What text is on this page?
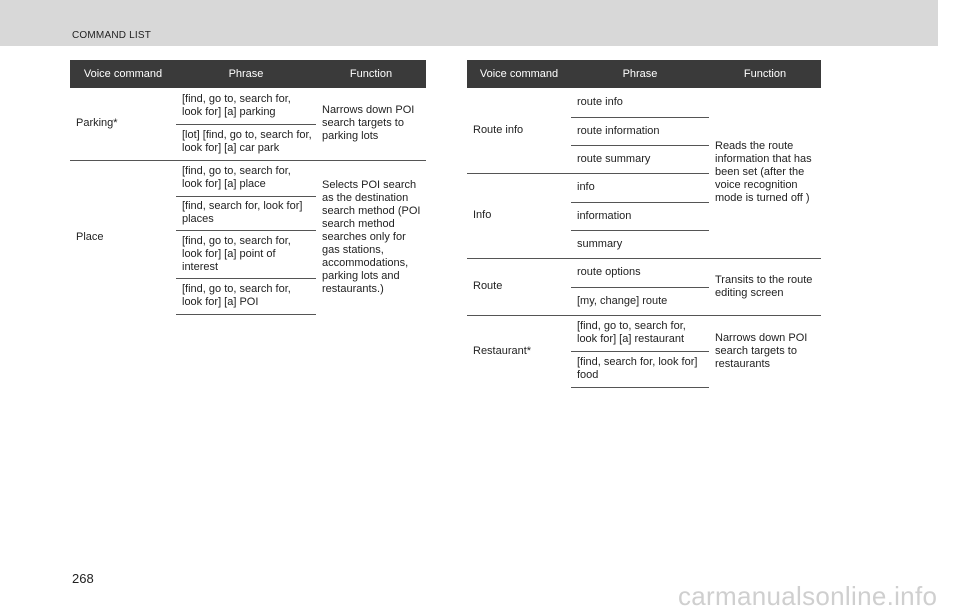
COMMAND LIST
Voice command	Phrase	Function
Parking*	[find, go to, search for, look for] [a] parking	Narrows down POI search targets to parking lots
	[lot] [find, go to, search for, look for] [a] car park	
Place	[find, go to, search for, look for] [a] place	Selects POI search as the destination search method (POI search method searches only for gas stations, accommodations, parking lots and restaurants.)
	[find, search for, look for] places	
	[find, go to, search for, look for] [a] point of interest	
	[find, go to, search for, look for] [a] POI	
Voice command	Phrase	Function
Route info	route info	Reads the route information that has been set (after the voice recognition mode is turned off )
	route information	
	route summary	
Info	info	
	information	
	summary	
Route	route options	Transits to the route editing screen
	[my, change] route	
Restaurant*	[find, go to, search for, look for] [a] restaurant	Narrows down POI search targets to restaurants
	[find, search for, look for] food	
268
carmanualsonline.info
